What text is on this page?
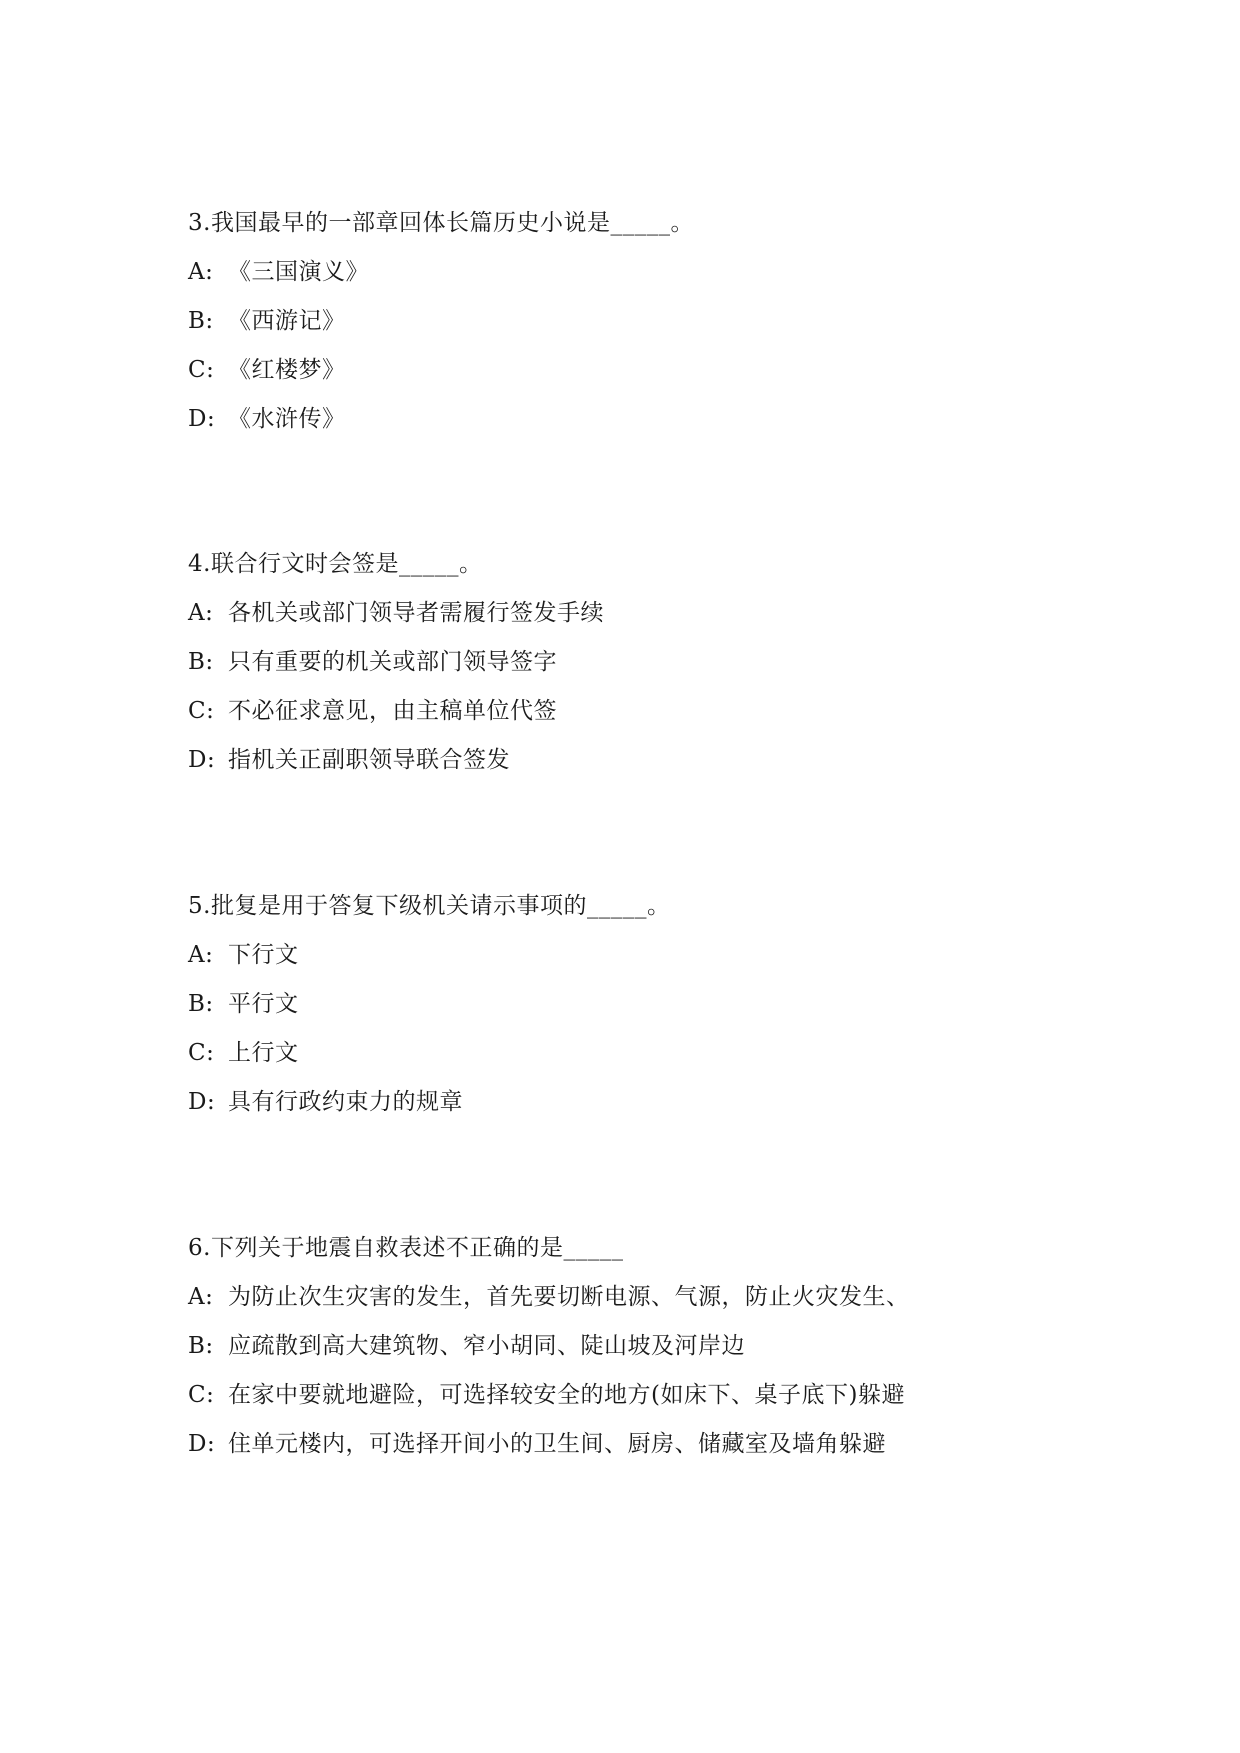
3.我国最早的一部章回体长篇历史小说是_____。

A: 《三国演义》

B: 《西游记》

C: 《红楼梦》

D: 《水浒传》

4.联合行文时会签是_____。

A: 各机关或部门领导者需履行签发手续

B: 只有重要的机关或部门领导签字

C: 不必征求意见，由主稿单位代签

D: 指机关正副职领导联合签发

5.批复是用于答复下级机关请示事项的_____。

A: 下行文

B: 平行文

C: 上行文

D: 具有行政约束力的规章

6.下列关于地震自救表述不正确的是_____

A: 为防止次生灾害的发生，首先要切断电源、气源，防止火灾发生、

B: 应疏散到高大建筑物、窄小胡同、陡山坡及河岸边

C: 在家中要就地避险，可选择较安全的地方(如床下、桌子底下)躲避

D: 住单元楼内，可选择开间小的卫生间、厨房、储藏室及墙角躲避
